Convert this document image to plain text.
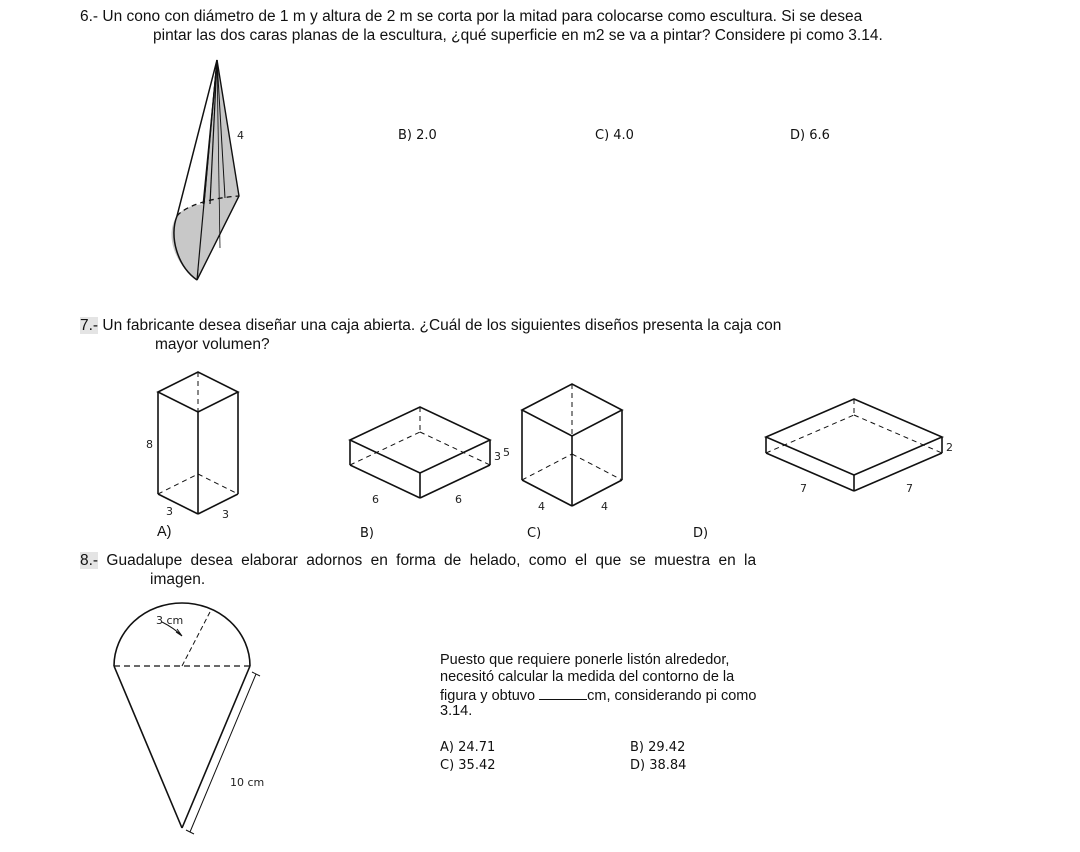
6.- Un cono con diámetro de 1 m y altura de 2 m se corta por la mitad para colocarse como escultura. Si se desea
pintar las dos caras planas de la escultura, ¿qué superficie en m2 se va a pintar? Considere pi como 3.14.
4	B) 2.0	C) 4.0	D) 6.6
7.- Un fabricante desea diseñar una caja abierta. ¿Cuál de los siguientes diseños presenta la caja con
mayor volumen?
8
3	3
3
6	6
5
4	4
2
7	7
A)	B)	C)	D)
8.- Guadalupe desea elaborar adornos en forma de helado, como el que se muestra en la
imagen.
3 cm
10 cm
Puesto que requiere ponerle listón alrededor,
necesitó calcular la medida del contorno de la
figura y obtuvo	cm, considerando pi como
3.14.
A) 24.71	B) 29.42
C) 35.42	D) 38.84
